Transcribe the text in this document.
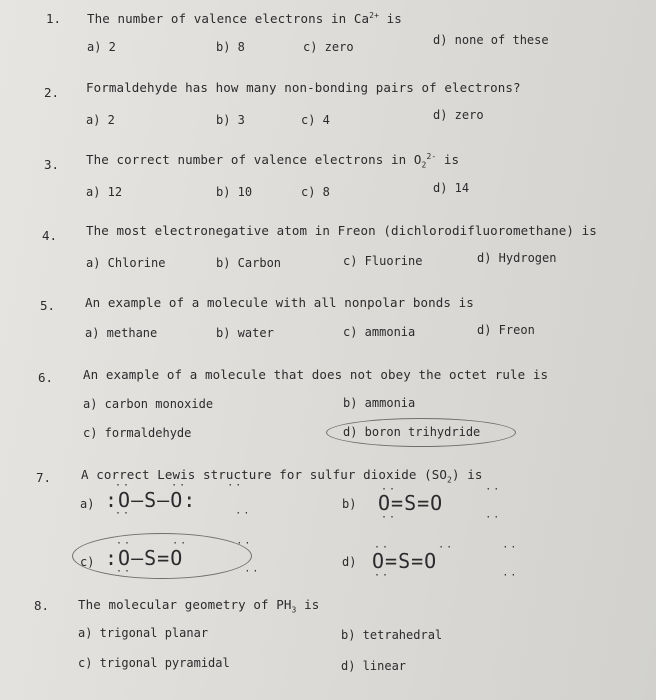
1. The number of valence electrons in $Ca^{2+}$ is
a) 2	b) 8	c) zero	d) none of these
2. Formaldehyde has how many non-bonding pairs of electrons?
a) 2	b) 3	c) 4	d) zero
3. The correct number of valence electrons in $O_2^{2-}$ is
a) 12	b) 10	c) 8	d) 14
4. The most electronegative atom in Freon (dichlorodifluoromethane) is
a) Chlorine	b) Carbon	c) Fluorine	d) Hydrogen
5. An example of a molecule with all nonpolar bonds is
a) methane	b) water	c) ammonia	d) Freon
6. An example of a molecule that does not obey the octet rule is
a) carbon monoxide	b) ammonia
c) formaldehyde	d) boron trihydride
7. A correct Lewis structure for sulfur dioxide $(SO_2)$ is
a) :O—S—O:
··     ··     ··
··             ··
b) O=S=O
··           ··
··           ··
c) :O—S=O
··     ··      ··
··              ··
d) O=S=O
··      ··      ··
··              ··
8. The molecular geometry of $PH_3$ is
a) trigonal planar	b) tetrahedral
c) trigonal pyramidal	d) linear
